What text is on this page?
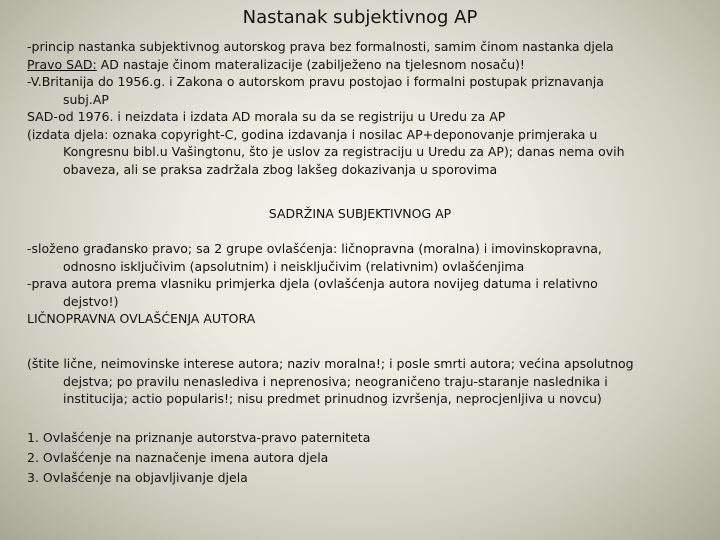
Nastanak subjektivnog AP
-princip nastanka subjektivnog autorskog prava bez formalnosti, samim činom nastanka djela
Pravo SAD: AD nastaje činom materalizacije (zabilježeno na tjelesnom nosaču)!
-V.Britanija do 1956.g. i Zakona o autorskom pravu postojao i formalni postupak priznavanja
subj.AP
SAD-od 1976. i neizdata i izdata AD morala su da se registriju u Uredu za AP
(izdata djela: oznaka copyright-C, godina izdavanja i nosilac AP+deponovanje primjeraka u
Kongresnu bibl.u Vašingtonu, što je uslov za registraciju u Uredu za AP); danas nema ovih
obaveza, ali se praksa zadržala zbog lakšeg dokazivanja u sporovima

SADRŽINA SUBJEKTIVNOG AP

-složeno građansko pravo; sa 2 grupe ovlašćenja: ličnopravna (moralna) i imovinskopravna,
odnosno isključivim (apsolutnim) i neisključivim (relativnim) ovlašćenjima
-prava autora prema vlasniku primjerka djela (ovlašćenja autora novijeg datuma i relativno
dejstvo!)
LIČNOPRAVNA OVLAŠĆENJA AUTORA
(štite lične, neimovinske interese autora; naziv moralna!; i posle smrti autora; većina apsolutnog
dejstva; po pravilu nenasledivа i neprenosiva; neograničeno traju-staranje naslednika i
institucija; actio popularis!; nisu predmet prinudnog izvršenja, neprocjenljiva u novcu)
1. Ovlašćenje na priznanje autorstva-pravo paterniteta
2. Ovlašćenje na naznačenje imena autora djela
3. Ovlašćenje na objavljivanje djela
